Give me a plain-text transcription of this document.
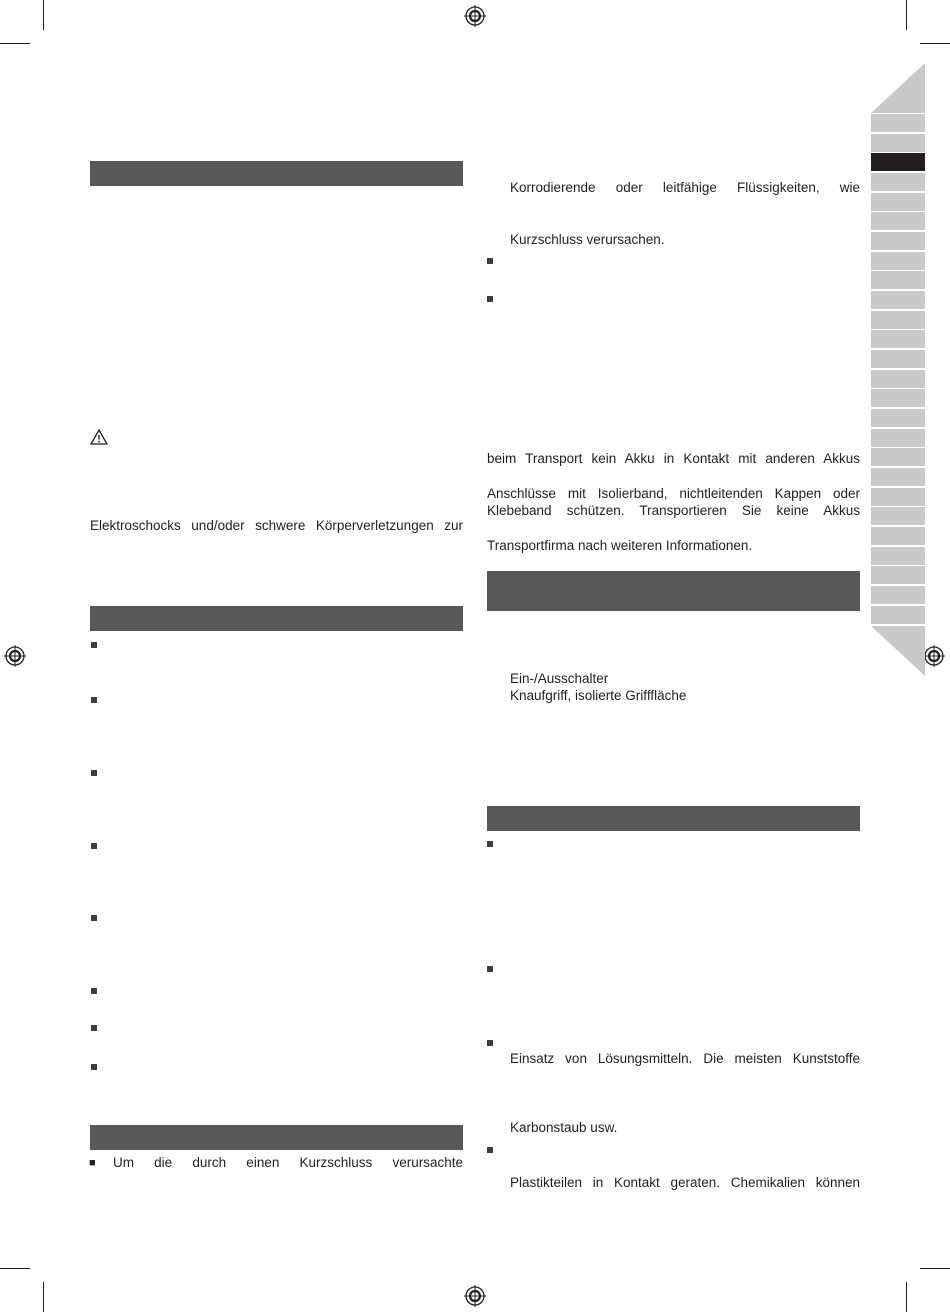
Elektroschocks und/oder schwere Körperverletzungen zur
■ Um die durch einen Kurzschluss verursachte
Korrodierende oder leitfähige Flüssigkeiten, wie
Kurzschluss verursachen.
beim Transport kein Akku in Kontakt mit anderen Akkus
Anschlüsse mit Isolierband, nichtleitenden Kappen oder
Klebeband schützen. Transportieren Sie keine Akkus
Transportfirma nach weiteren Informationen.
Ein-/Ausschalter
Knaufgriff, isolierte Grifffläche
Einsatz von Lösungsmitteln. Die meisten Kunststoffe
Karbonstaub usw.
Plastikteilen in Kontakt geraten. Chemikalien können
